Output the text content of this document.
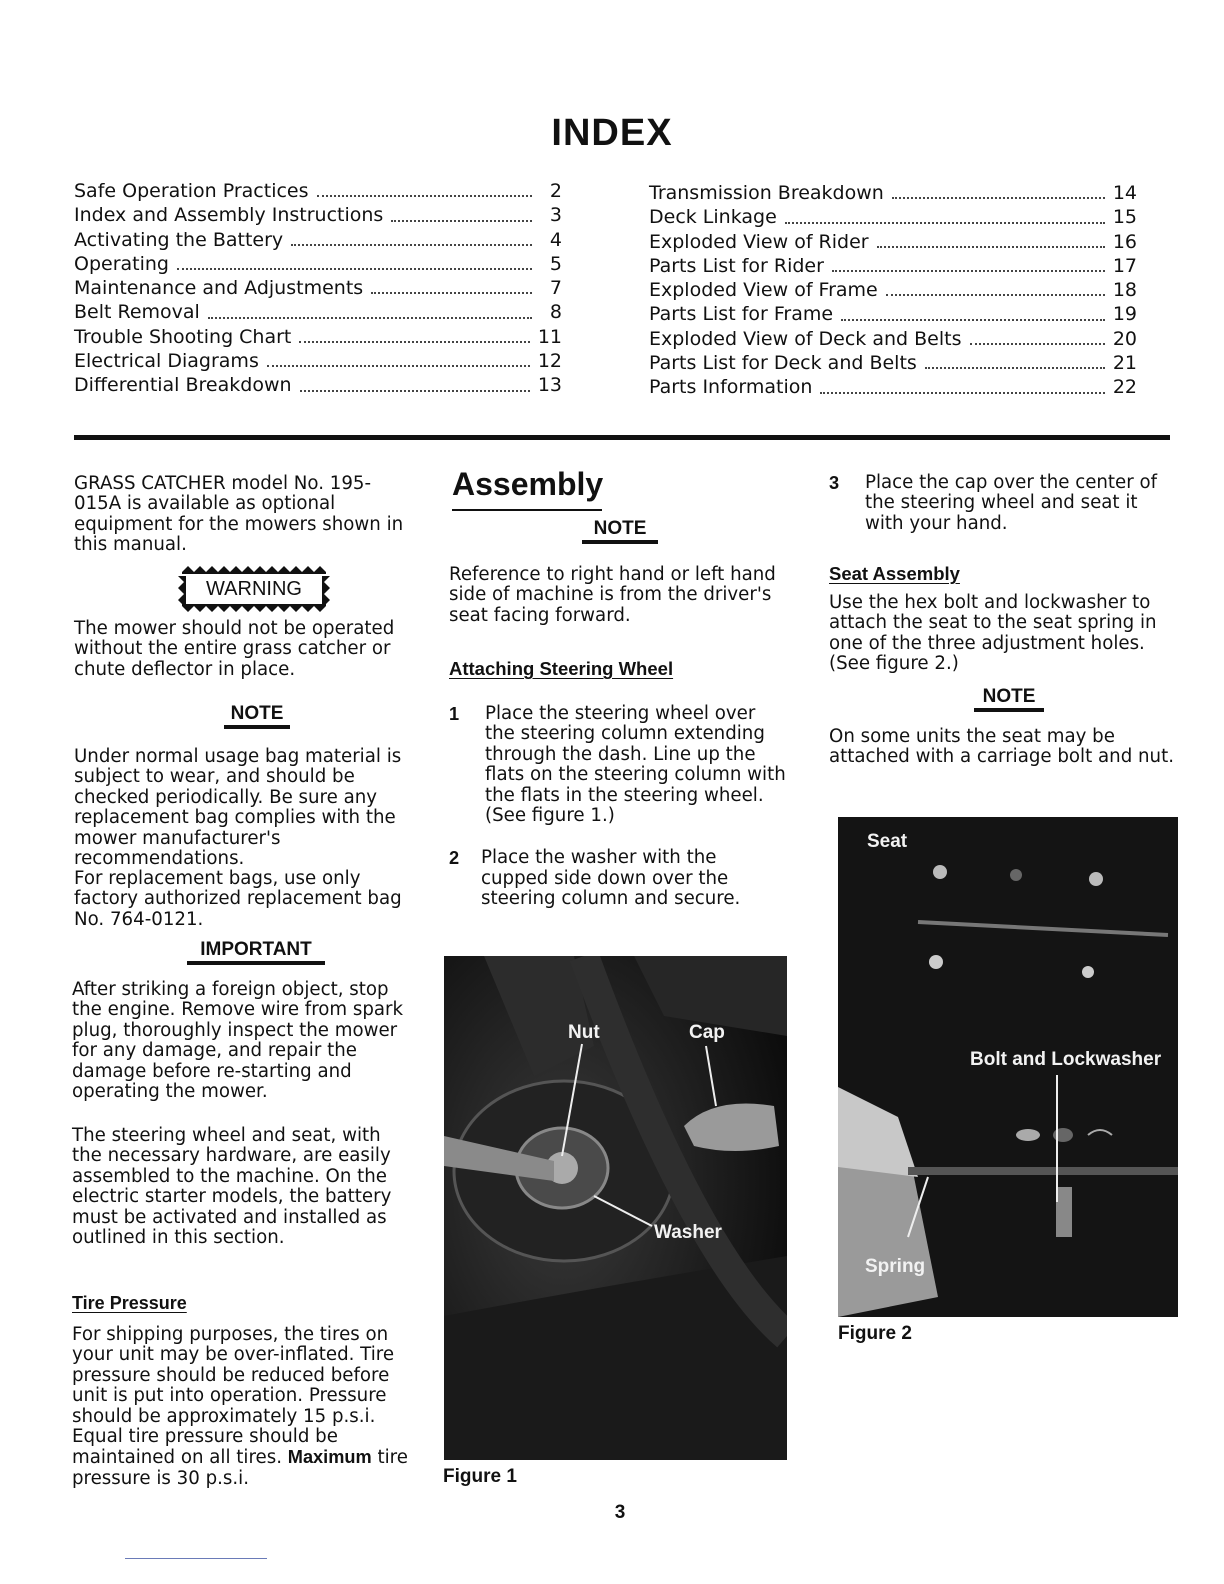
INDEX
Safe Operation Practices	2
Index and Assembly Instructions	3
Activating the Battery	4
Operating	5
Maintenance and Adjustments	7
Belt Removal	8
Trouble Shooting Chart	11
Electrical Diagrams	12
Differential Breakdown	13
Transmission Breakdown	14
Deck Linkage	15
Exploded View of Rider	16
Parts List for Rider	17
Exploded View of Frame	18
Parts List for Frame	19
Exploded View of Deck and Belts	20
Parts List for Deck and Belts	21
Parts Information	22
GRASS CATCHER model No. 195-015A is available as optional equipment for the mowers shown in this manual.
WARNING
The mower should not be operated without the entire grass catcher or chute deflector in place.
NOTE
Under normal usage bag material is subject to wear, and should be checked periodically. Be sure any replacement bag complies with the mower manufacturer's recommendations.
For replacement bags, use only factory authorized replacement bag No. 764-0121.
IMPORTANT
After striking a foreign object, stop the engine. Remove wire from spark plug, thoroughly inspect the mower for any damage, and repair the damage before re-starting and operating the mower.
The steering wheel and seat, with the necessary hardware, are easily assembled to the machine. On the electric starter models, the battery must be activated and installed as outlined in this section.
Tire Pressure
For shipping purposes, the tires on your unit may be over-inflated. Tire pressure should be reduced before unit is put into operation. Pressure should be approximately 15 p.s.i. Equal tire pressure should be maintained on all tires. Maximum tire pressure is 30 p.s.i.
Assembly
NOTE
Reference to right hand or left hand side of machine is from the driver's seat facing forward.
Attaching Steering Wheel
1	Place the steering wheel over the steering column extending through the dash. Line up the flats on the steering column with the flats in the steering wheel. (See figure 1.)
2	Place the washer with the cupped side down over the steering column and secure.
Nut	Cap
Washer
Figure 1
3	Place the cap over the center of the steering wheel and seat it with your hand.
Seat Assembly
Use the hex bolt and lockwasher to attach the seat to the seat spring in one of the three adjustment holes. (See figure 2.)
NOTE
On some units the seat may be attached with a carriage bolt and nut.
Seat
Bolt and Lockwasher
Spring
Figure 2
3
